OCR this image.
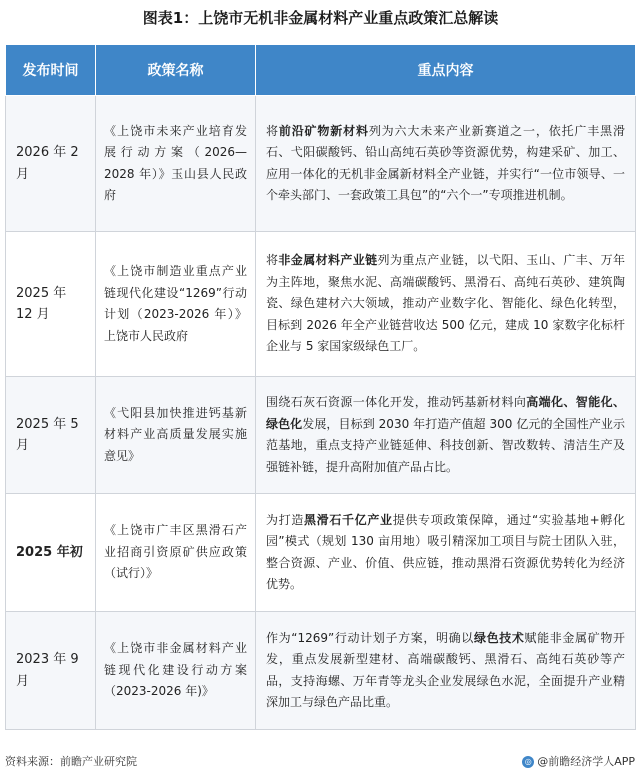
图表1：上饶市无机非金属材料产业重点政策汇总解读
发布时间	政策名称	重点内容
2026 年 2 月	《上饶市未来产业培育发展行动方案（2026—2028 年）》玉山县人民政府	将前沿矿物新材料列为六大未来产业新赛道之一，依托广丰黑滑石、弋阳碳酸钙、铅山高纯石英砂等资源优势，构建采矿、加工、应用一体化的无机非金属新材料全产业链，并实行“一位市领导、一个牵头部门、一套政策工具包”的“六个一”专项推进机制。
2025 年 12 月	《上饶市制造业重点产业链现代化建设“1269”行动计划（2023-2026 年）》上饶市人民政府	将非金属材料产业链列为重点产业链，以弋阳、玉山、广丰、万年为主阵地，聚焦水泥、高端碳酸钙、黑滑石、高纯石英砂、建筑陶瓷、绿色建材六大领域，推动产业数字化、智能化、绿色化转型，目标到 2026 年全产业链营收达 500 亿元，建成 10 家数字化标杆企业与 5 家国家级绿色工厂。
2025 年 5 月	《弋阳县加快推进钙基新材料产业高质量发展实施意见》	围绕石灰石资源一体化开发，推动钙基新材料向高端化、智能化、绿色化发展，目标到 2030 年打造产值超 300 亿元的全国性产业示范基地，重点支持产业链延伸、科技创新、智改数转、清洁生产及强链补链，提升高附加值产品占比。
2025 年初	《上饶市广丰区黑滑石产业招商引资原矿供应政策（试行）》	为打造黑滑石千亿产业提供专项政策保障，通过“实验基地+孵化园”模式（规划 130 亩用地）吸引精深加工项目与院士团队入驻，整合资源、产业、价值、供应链，推动黑滑石资源优势转化为经济优势。
2023 年 9 月	《上饶市非金属材料产业链现代化建设行动方案（2023-2026 年)》	作为“1269”行动计划子方案，明确以绿色技术赋能非金属矿物开发，重点发展新型建材、高端碳酸钙、黑滑石、高纯石英砂等产品，支持海螺、万年青等龙头企业发展绿色水泥，全面提升产业精深加工与绿色产品比重。
资料来源：前瞻产业研究院	◎ @前瞻经济学人APP
